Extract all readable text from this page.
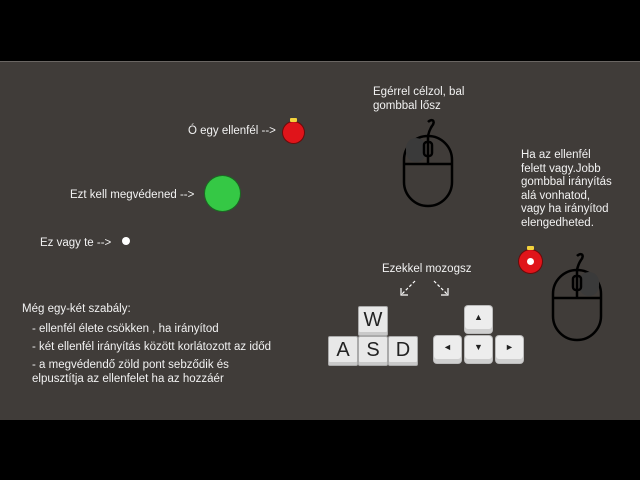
Ó egy ellenfél -->
Ezt kell megvédened -->
Ez vagy te -->
Egérrel célzol, bal
gombbal lősz
Ha az ellenfél
felett vagy.Jobb
gombbal irányítás
alá vonhatod,
vagy ha irányítod
elengedheted.
Ezekkel mozogsz
W
A S D
▲
◄	▼	►
Még egy-két szabály:
- ellenfél élete csökken , ha irányítod
- két ellenfél irányítás között korlátozott az időd
- a megvédendő zöld pont sebződik és
elpusztítja az ellenfelet ha az hozzáér
